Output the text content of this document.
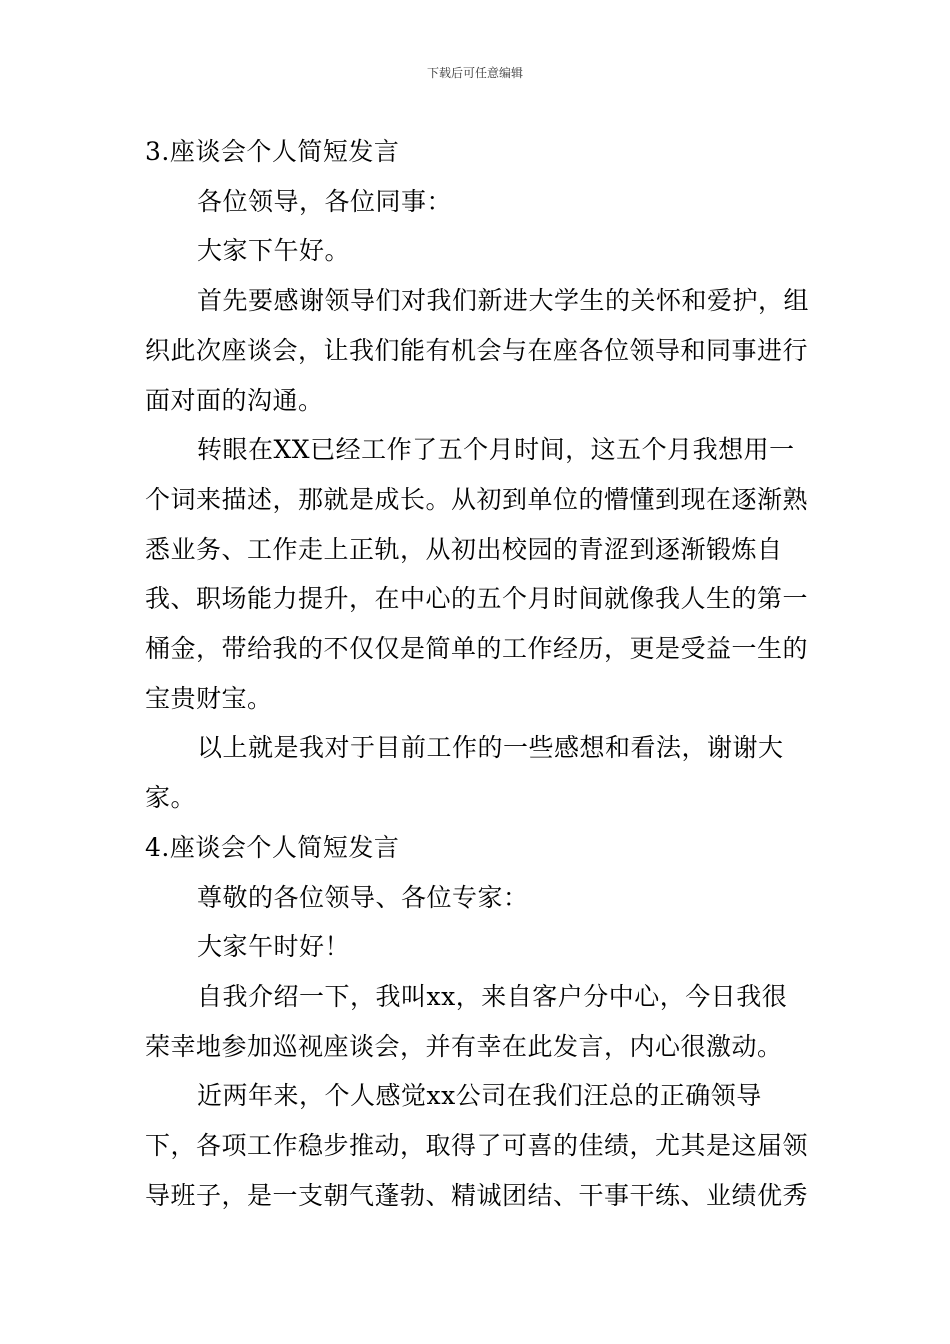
下载后可任意编辑

3.座谈会个人简短发言

各位领导，各位同事：

大家下午好。

首先要感谢领导们对我们新进大学生的关怀和爱护，组织此次座谈会，让我们能有机会与在座各位领导和同事进行面对面的沟通。

转眼在XX已经工作了五个月时间，这五个月我想用一个词来描述，那就是成长。从初到单位的懵懂到现在逐渐熟悉业务、工作走上正轨，从初出校园的青涩到逐渐锻炼自我、职场能力提升，在中心的五个月时间就像我人生的第一桶金，带给我的不仅仅是简单的工作经历，更是受益一生的宝贵财宝。

以上就是我对于目前工作的一些感想和看法，谢谢大家。

4.座谈会个人简短发言

尊敬的各位领导、各位专家：

大家午时好！

自我介绍一下，我叫xx，来自客户分中心，今日我很荣幸地参加巡视座谈会，并有幸在此发言，内心很激动。

近两年来，个人感觉xx公司在我们汪总的正确领导下，各项工作稳步推动，取得了可喜的佳绩，尤其是这届领导班子，是一支朝气蓬勃、精诚团结、干事干练、业绩优秀
